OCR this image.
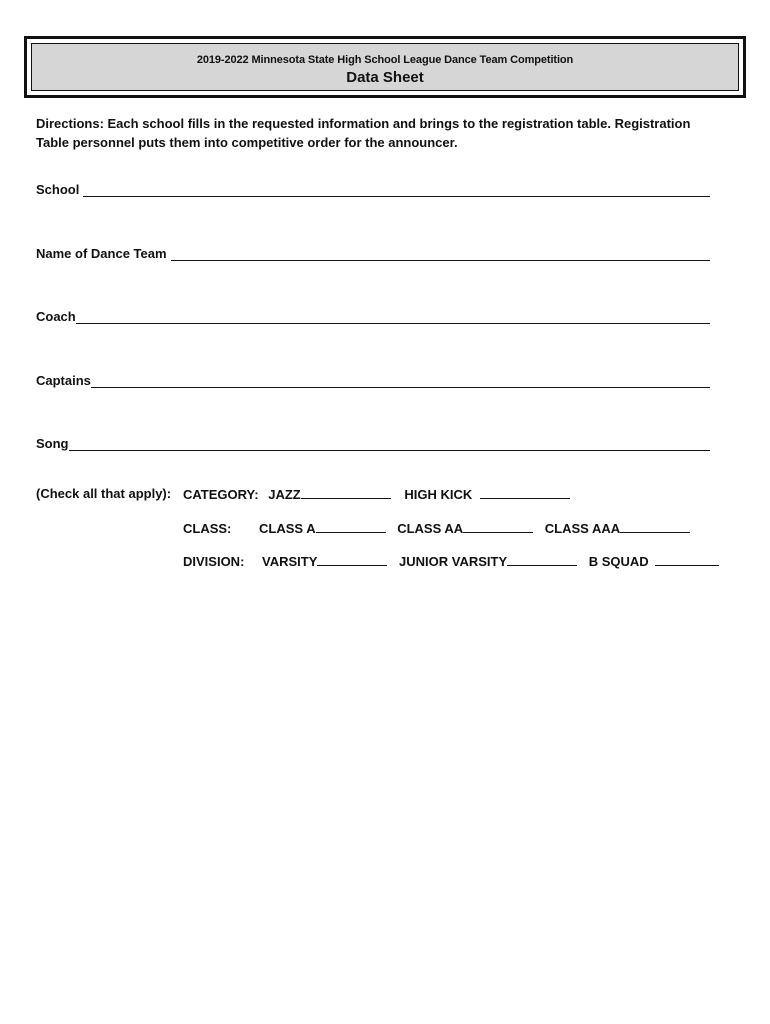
2019-2022 Minnesota State High School League Dance Team Competition
Data Sheet
Directions: Each school fills in the requested information and brings to the registration table. Registration Table personnel puts them into competitive order for the announcer.
School
Name of Dance Team
Coach
Captains
Song
(Check all that apply): CATEGORY: JAZZ	HIGH KICK
CLASS: CLASS A	CLASS AA	CLASS AAA
DIVISION: VARSITY	JUNIOR VARSITY	B SQUAD
